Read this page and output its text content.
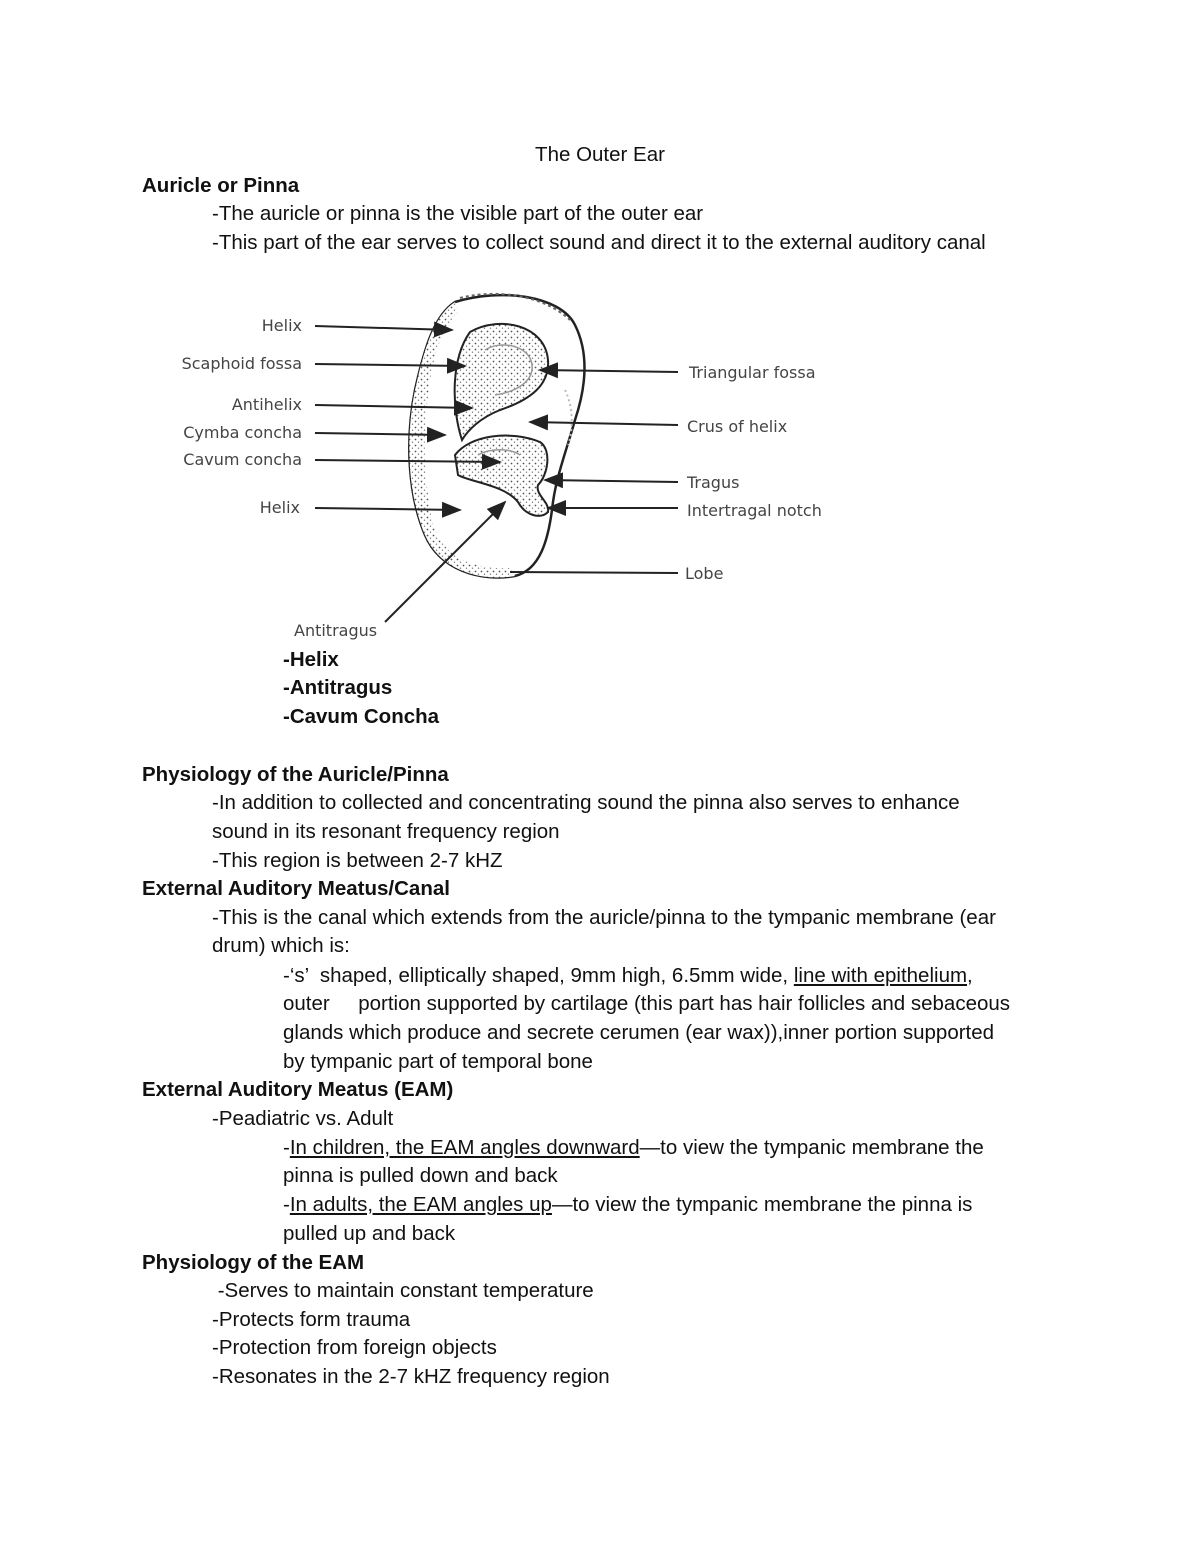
The Outer Ear
Auricle or Pinna
-The auricle or pinna is the visible part of the outer ear
-This part of the ear serves to collect sound and direct it to the external auditory canal
Helix
Scaphoid fossa
Antihelix
Cymba concha
Cavum concha
Helix
Triangular fossa
Crus of helix
Tragus
Intertragal notch
Lobe
Antitragus
-Helix
-Antitragus
-Cavum Concha
Physiology of the Auricle/Pinna
-In addition to collected and concentrating sound the pinna also serves to enhance
sound in its resonant frequency region
-This region is between 2-7 kHZ
External Auditory Meatus/Canal
-This is the canal which extends from the auricle/pinna to the tympanic membrane (ear
drum) which is:
-‘s’  shaped, elliptically shaped, 9mm high, 6.5mm wide, line with epithelium,
outer     portion supported by cartilage (this part has hair follicles and sebaceous
glands which produce and secrete cerumen (ear wax)),inner portion supported
by tympanic part of temporal bone
External Auditory Meatus (EAM)
-Peadiatric vs. Adult
-In children, the EAM angles downward—to view the tympanic membrane the
pinna is pulled down and back
-In adults, the EAM angles up—to view the tympanic membrane the pinna is
pulled up and back
Physiology of the EAM
-Serves to maintain constant temperature
-Protects form trauma
-Protection from foreign objects
-Resonates in the 2-7 kHZ frequency region
